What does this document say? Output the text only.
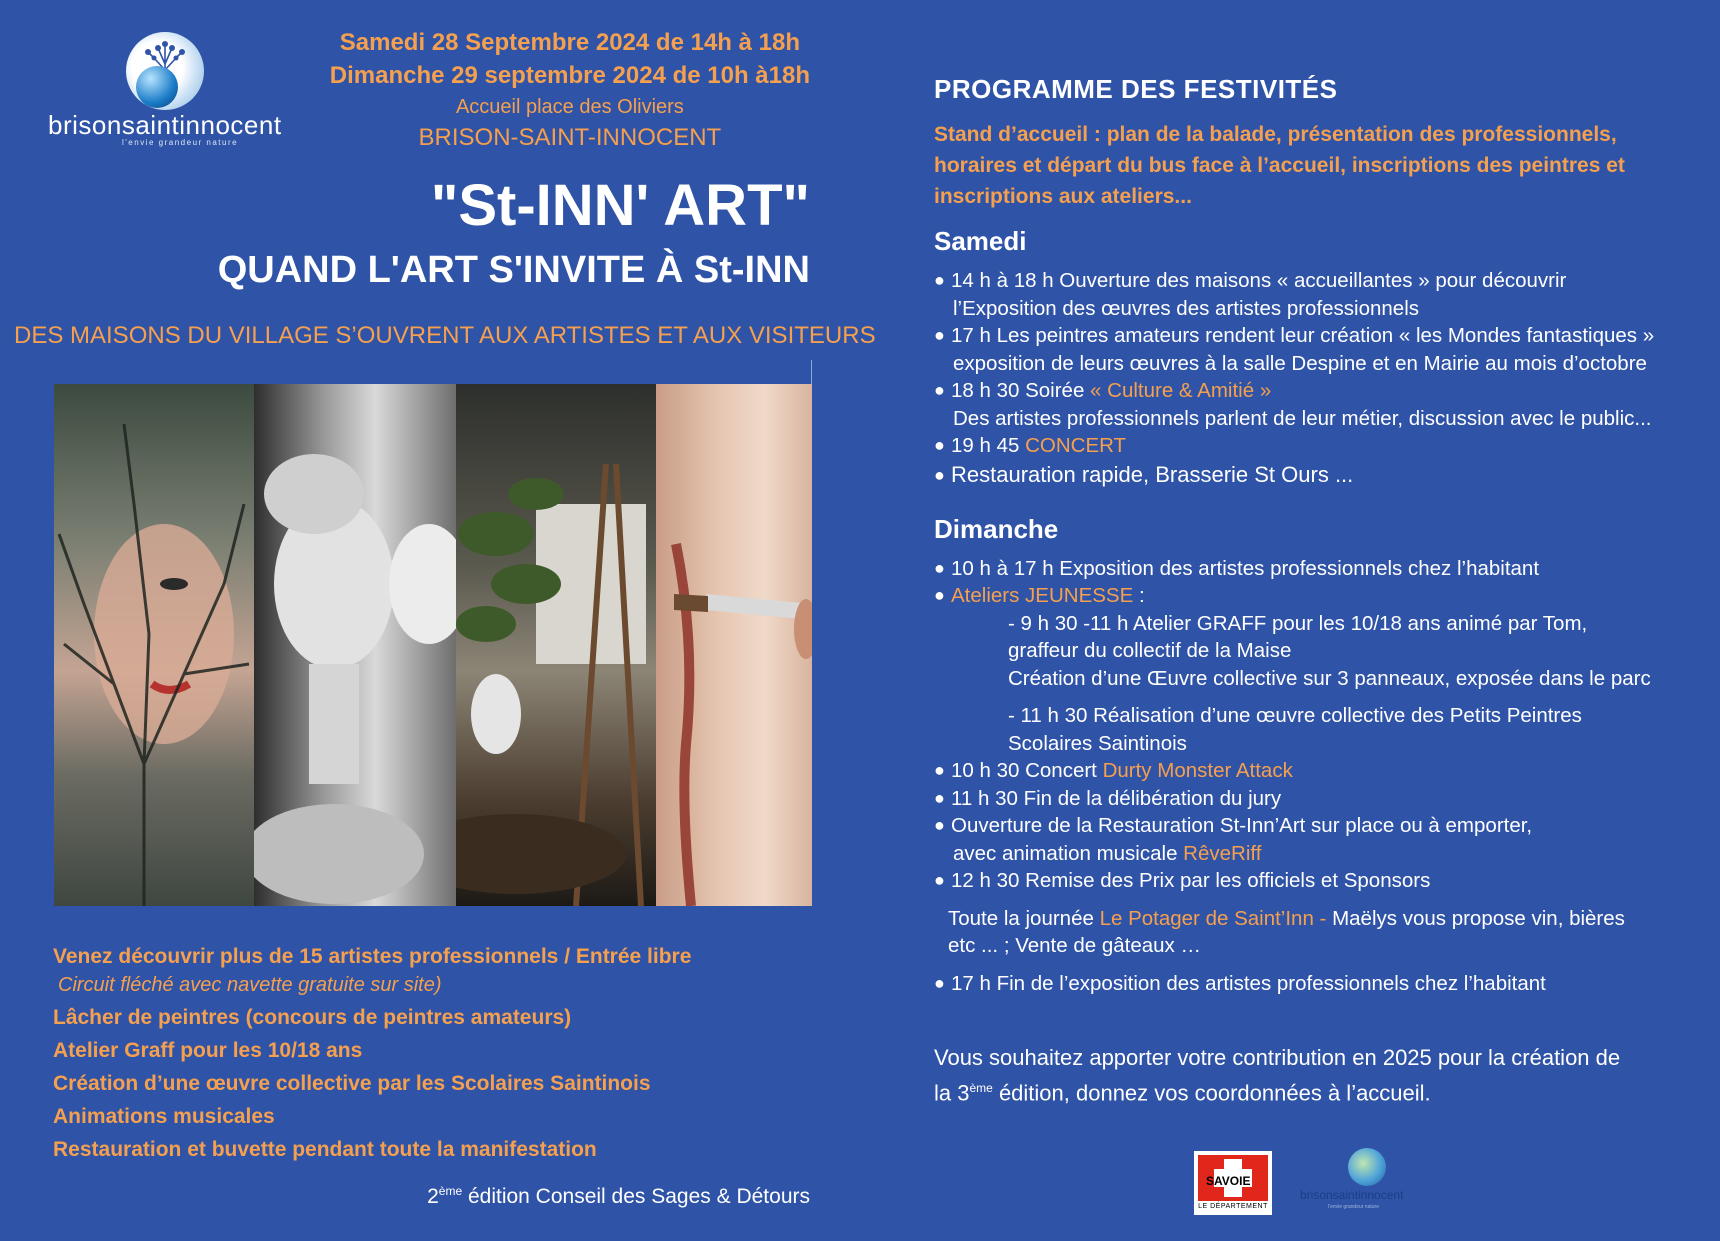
brisonsaintinnocent
l'envie grandeur nature
Samedi 28 Septembre 2024 de 14h à 18h
Dimanche 29 septembre 2024 de 10h à18h
Accueil place des Oliviers
BRISON-SAINT-INNOCENT
"St-INN' ART"
QUAND L'ART S'INVITE À St-INN
DES MAISONS DU VILLAGE S’OUVRENT AUX ARTISTES ET AUX VISITEURS
Venez découvrir plus de 15 artistes professionnels / Entrée libre
Circuit fléché avec navette gratuite sur site)
Lâcher de peintres (concours de peintres amateurs)
Atelier Graff pour les 10/18 ans
Création d’une œuvre collective par les Scolaires Saintinois
Animations musicales
Restauration et buvette pendant toute la manifestation
2ème édition Conseil des Sages & Détours
PROGRAMME DES FESTIVITÉS
Stand d’accueil : plan de la balade, présentation des professionnels, horaires et départ du bus face à l’accueil, inscriptions des peintres et inscriptions aux ateliers...
Samedi
● 14 h à 18 h Ouverture des maisons « accueillantes » pour découvrir
l’Exposition des œuvres des artistes professionnels
● 17 h Les peintres amateurs rendent leur création « les Mondes fantastiques »
exposition de leurs œuvres à la salle Despine et en Mairie au mois d’octobre
● 18 h 30 Soirée « Culture & Amitié »
Des artistes professionnels parlent de leur métier, discussion avec le public...
● 19 h 45 CONCERT
● Restauration rapide, Brasserie St Ours ...
Dimanche
● 10 h à 17 h Exposition des artistes professionnels chez l’habitant
● Ateliers JEUNESSE :
- 9 h 30 -11 h Atelier GRAFF pour les 10/18 ans animé par Tom,
graffeur du collectif de la Maise
Création d’une Œuvre collective sur 3 panneaux, exposée dans le parc
- 11 h 30 Réalisation d’une œuvre collective des Petits Peintres
Scolaires Saintinois
● 10 h 30 Concert Durty Monster Attack
● 11 h 30 Fin de la délibération du jury
● Ouverture de la Restauration St-Inn’Art sur place ou à emporter,
avec animation musicale RêveRiff
● 12 h 30 Remise des Prix par les officiels et Sponsors
Toute la journée Le Potager de Saint’Inn - Maëlys vous propose vin, bières
etc ... ; Vente de gâteaux …
● 17 h Fin de l’exposition des artistes professionnels chez l’habitant
Vous souhaitez apporter votre contribution en 2025 pour la création de
la 3ème édition, donnez vos coordonnées à l’accueil.
SAVOIE
LE DÉPARTEMENT
brisonsaintinnocent
l'envie grandeur nature
